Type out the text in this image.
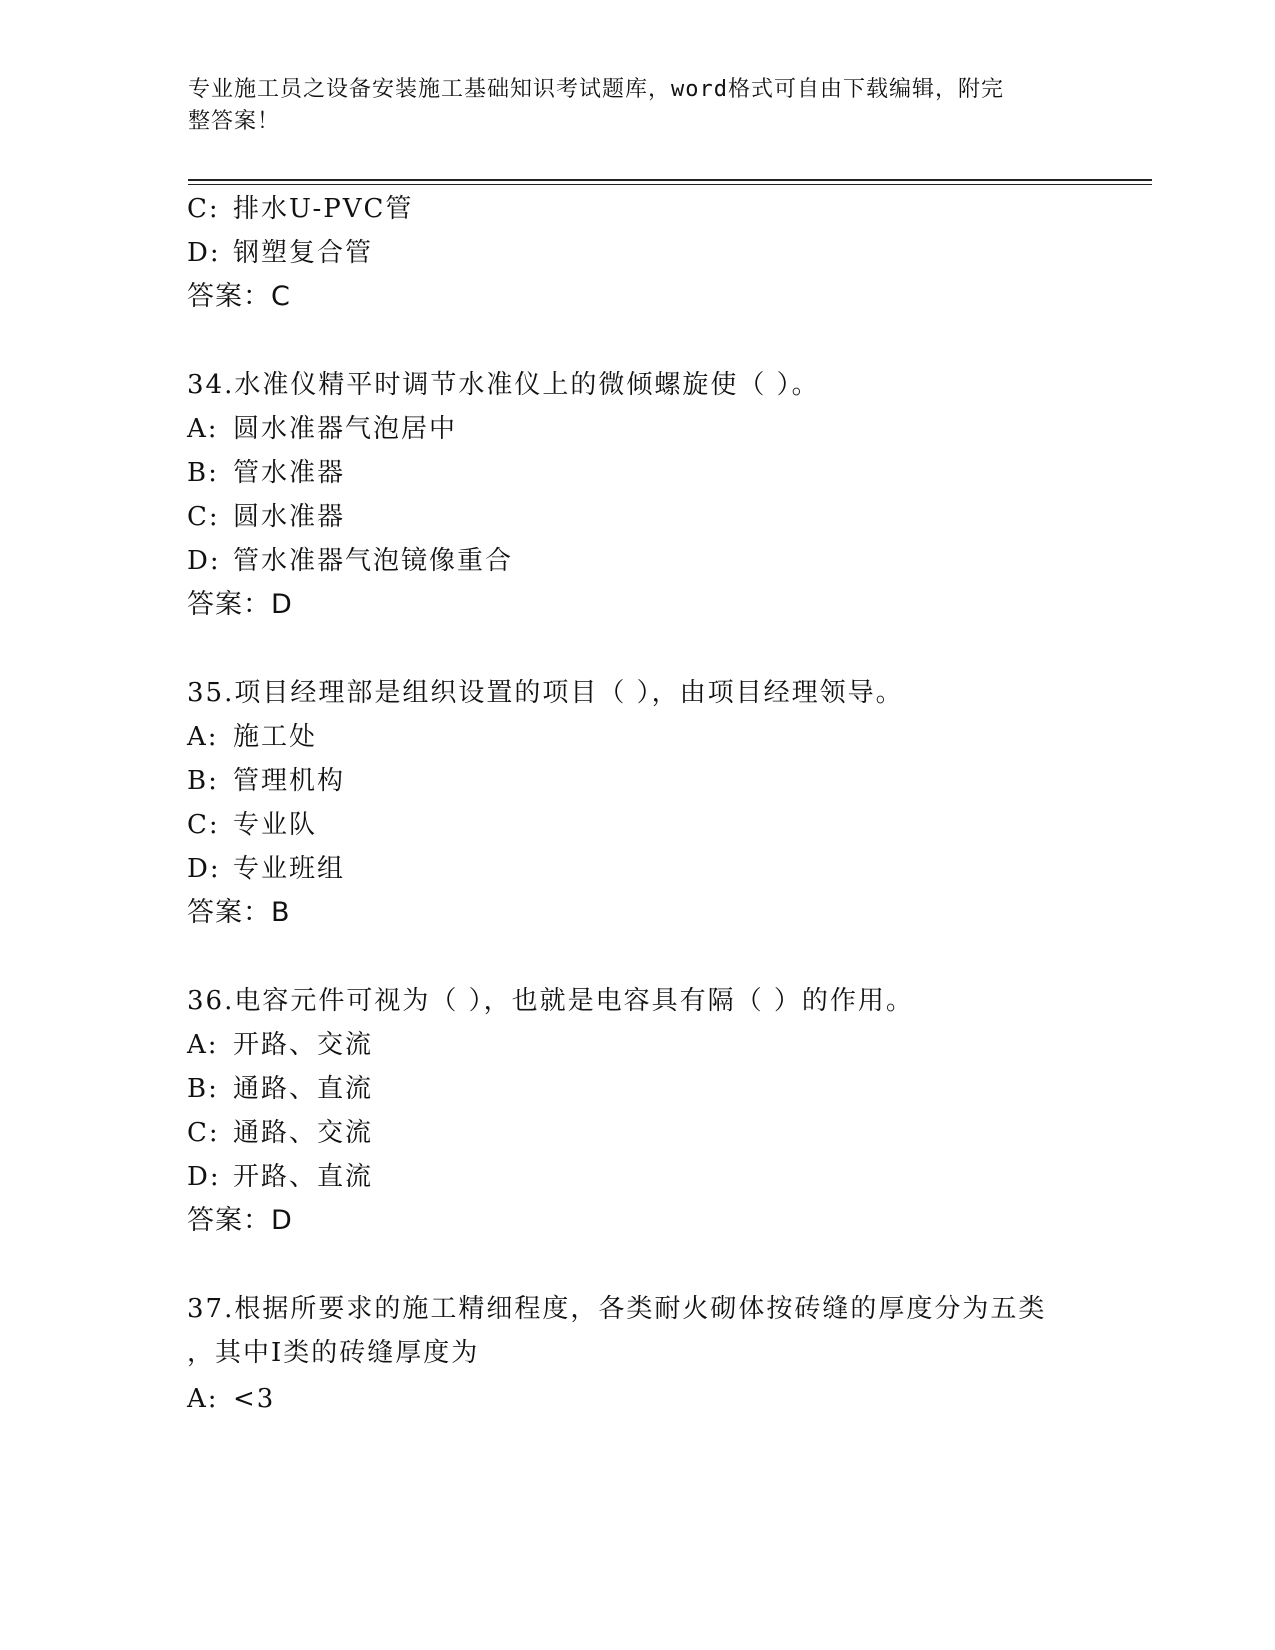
专业施工员之设备安装施工基础知识考试题库，word格式可自由下载编辑，附完
整答案！
C: 排水U-PVC管
D: 钢塑复合管
答案：C
34.水准仪精平时调节水准仪上的微倾螺旋使（ ）。
A: 圆水准器气泡居中
B: 管水准器
C: 圆水准器
D: 管水准器气泡镜像重合
答案：D
35.项目经理部是组织设置的项目（ ），由项目经理领导。
A: 施工处
B: 管理机构
C: 专业队
D: 专业班组
答案：B
36.电容元件可视为（ ），也就是电容具有隔（ ）的作用。
A: 开路、交流
B: 通路、直流
C: 通路、交流
D: 开路、直流
答案：D
37.根据所要求的施工精细程度，各类耐火砌体按砖缝的厚度分为五类
，其中I类的砖缝厚度为
A: <3
